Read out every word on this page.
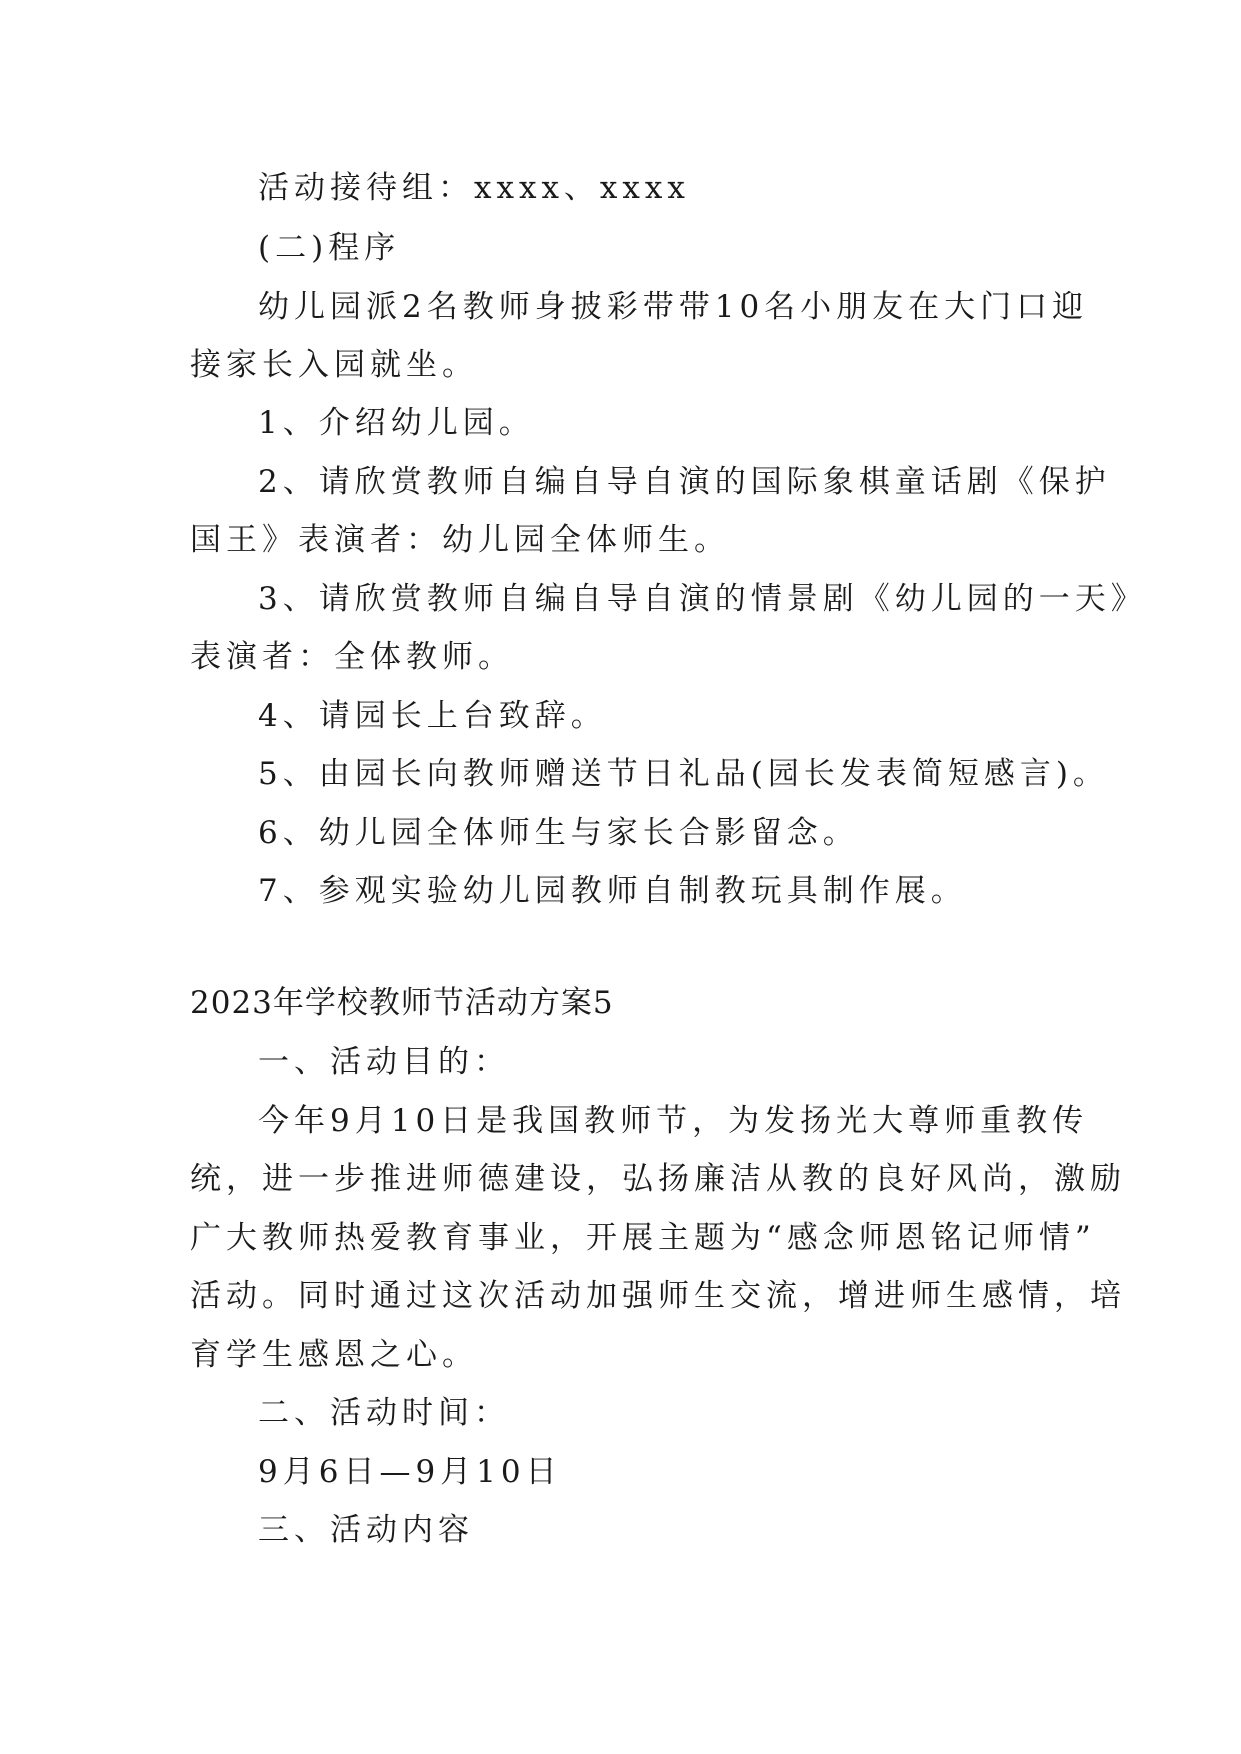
活动接待组：xxxx、xxxx
(二)程序
幼儿园派2名教师身披彩带带10名小朋友在大门口迎
接家长入园就坐。
1、介绍幼儿园。
2、请欣赏教师自编自导自演的国际象棋童话剧《保护
国王》表演者：幼儿园全体师生。
3、请欣赏教师自编自导自演的情景剧《幼儿园的一天》
表演者：全体教师。
4、请园长上台致辞。
5、由园长向教师赠送节日礼品(园长发表简短感言)。
6、幼儿园全体师生与家长合影留念。
7、参观实验幼儿园教师自制教玩具制作展。
2023年学校教师节活动方案5
一、活动目的：
今年9月10日是我国教师节，为发扬光大尊师重教传
统，进一步推进师德建设，弘扬廉洁从教的良好风尚，激励
广大教师热爱教育事业，开展主题为“感念师恩铭记师情”
活动。同时通过这次活动加强师生交流，增进师生感情，培
育学生感恩之心。
二、活动时间：
9月6日—9月10日
三、活动内容
